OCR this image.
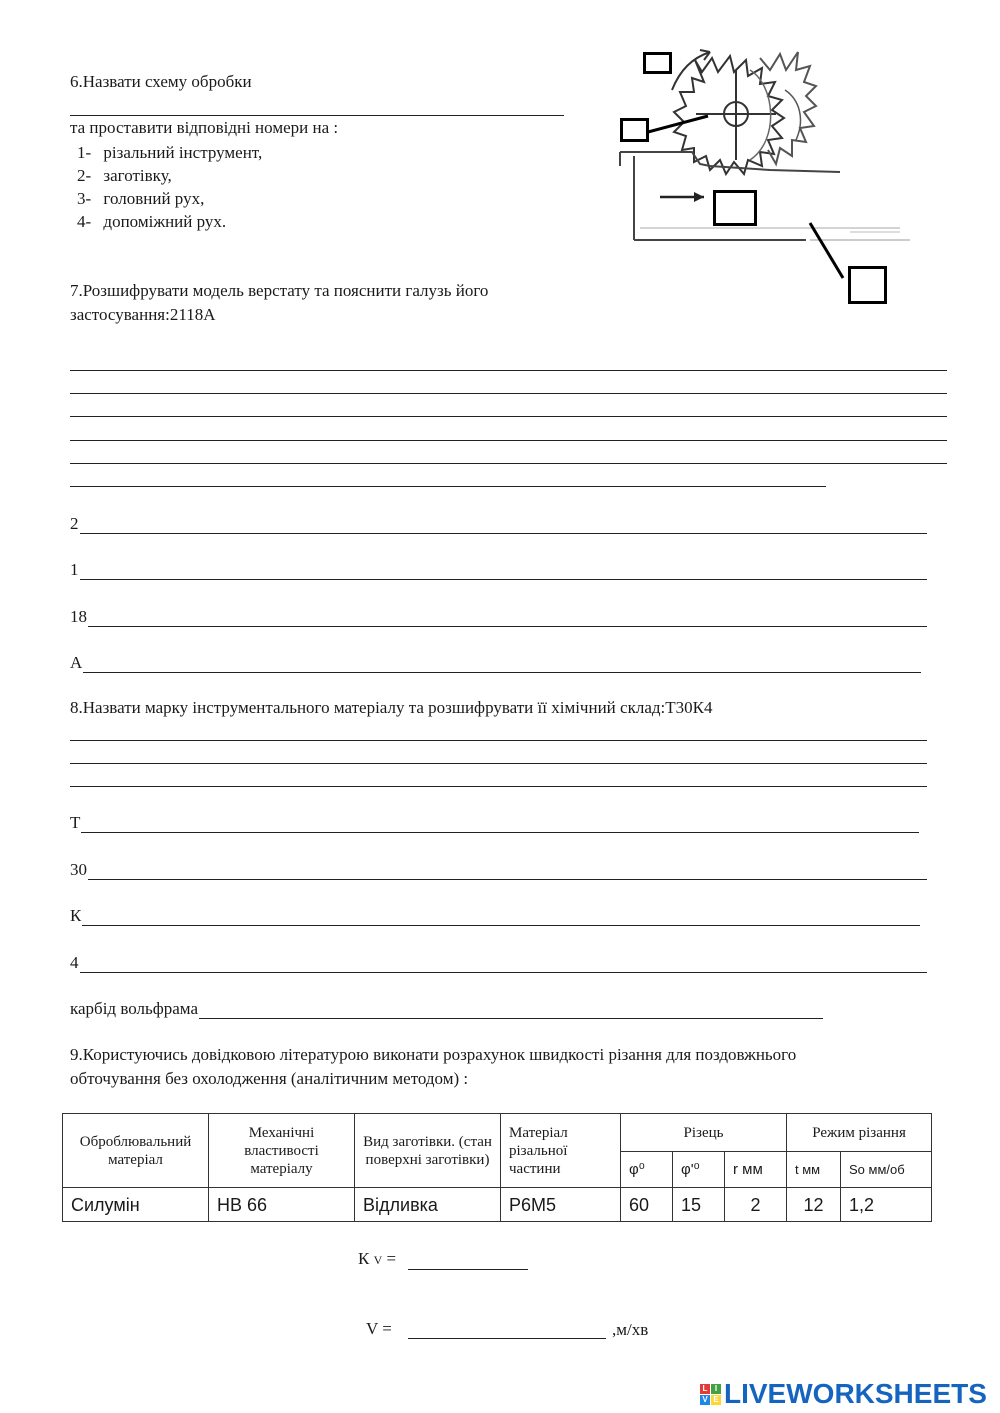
6.Назвати схему обробки
та проставити відповідні номери на :
1- різальний інструмент,
2- заготівку,
3- головний рух,
4- допоміжний рух.
7.Розшифрувати модель верстату та пояснити галузь його
застосування:2118А
2
1
18
А
8.Назвати марку інструментального матеріалу та розшифрувати її хімічний склад:Т30К4
Т
30
К
4
карбід вольфрама
9.Користуючись довідковою літературою виконати розрахунок швидкості різання для поздовжнього
обточування без охолодження (аналітичним методом) :
Оброблювальний матеріал	Механічні властивості матеріалу	Вид заготівки. (стан поверхні заготівки)	Матеріал різальної частини	Різець			Режим різання	
				φ⁰	φ'⁰	r мм	t мм	So мм/об
Силумін	НВ 66	Відливка	Р6М5	60	15	2	12	1,2
К V =
V =	,м/хв
L I
V E LIVEWORKSHEETS
